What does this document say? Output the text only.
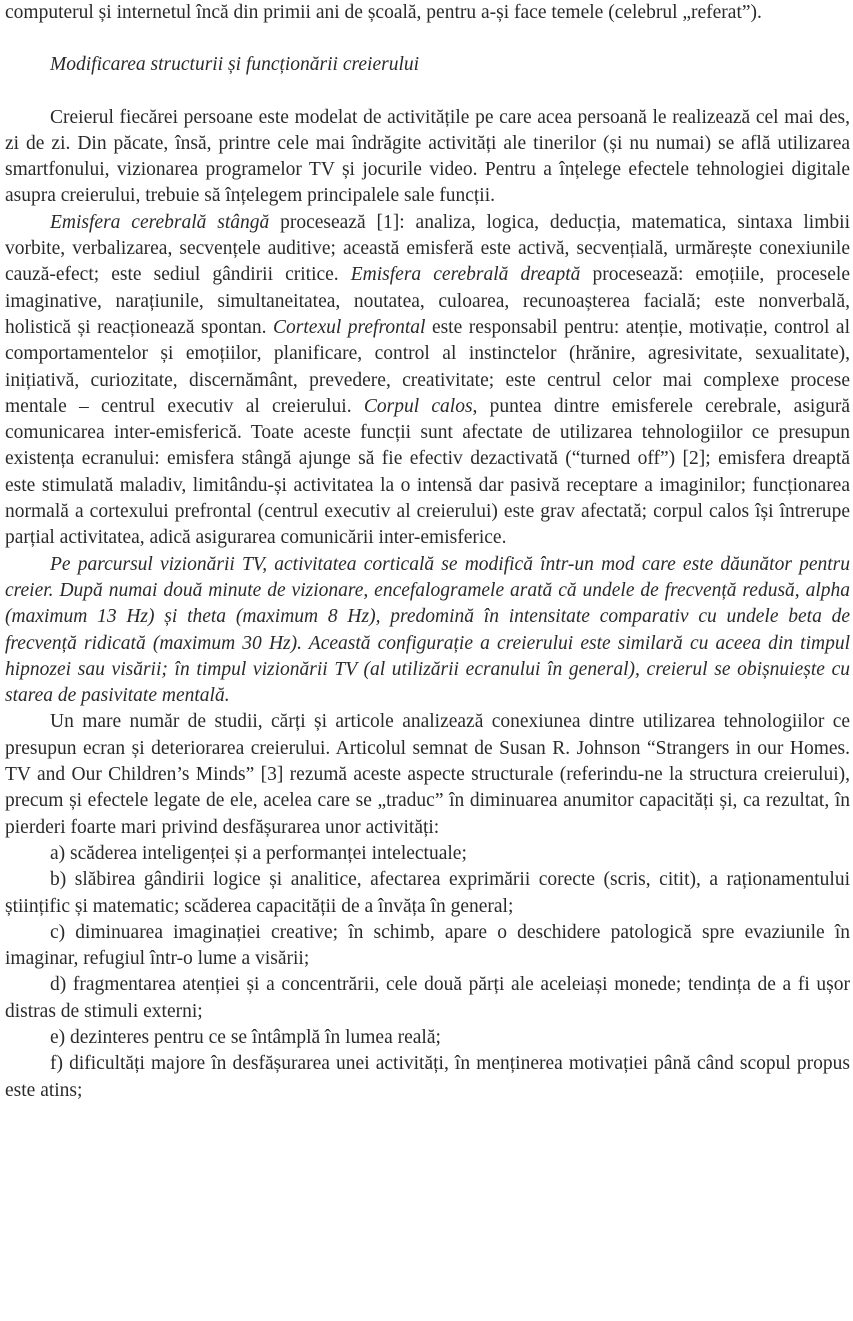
computerul și internetul încă din primii ani de școală, pentru a-și face temele (celebrul „referat”).

Modificarea structurii și funcționării creierului

Creierul fiecărei persoane este modelat de activitățile pe care acea persoană le realizează cel mai des, zi de zi. Din păcate, însă, printre cele mai îndrăgite activități ale tinerilor (și nu numai) se află utilizarea smartfonului, vizionarea programelor TV și jocurile video. Pentru a înțelege efectele tehnologiei digitale asupra creierului, trebuie să înțelegem principalele sale funcții.

Emisfera cerebrală stângă procesează [1]: analiza, logica, deducția, matematica, sintaxa limbii vorbite, verbalizarea, secvențele auditive; această emisferă este activă, secvențială, urmărește conexiunile cauză-efect; este sediul gândirii critice. Emisfera cerebrală dreaptă procesează: emoțiile, procesele imaginative, narațiunile, simultaneitatea, noutatea, culoarea, recunoașterea facială; este nonverbală, holistică și reacționează spontan. Cortexul prefrontal este responsabil pentru: atenție, motivație, control al comportamentelor și emoțiilor, planificare, control al instinctelor (hrănire, agresivitate, sexualitate), inițiativă, curiozitate, discernământ, prevedere, creativitate; este centrul celor mai complexe procese mentale – centrul executiv al creierului. Corpul calos, puntea dintre emisferele cerebrale, asigură comunicarea inter-emisferică. Toate aceste funcții sunt afectate de utilizarea tehnologiilor ce presupun existența ecranului: emisfera stângă ajunge să fie efectiv dezactivată (“turned off”) [2]; emisfera dreaptă este stimulată maladiv, limitându-și activitatea la o intensă dar pasivă receptare a imaginilor; funcționarea normală a cortexului prefrontal (centrul executiv al creierului) este grav afectată; corpul calos își întrerupe parțial activitatea, adică asigurarea comunicării inter-emisferice.

Pe parcursul vizionării TV, activitatea corticală se modifică într-un mod care este dăunător pentru creier. După numai două minute de vizionare, encefalogramele arată că undele de frecvență redusă, alpha (maximum 13 Hz) și theta (maximum 8 Hz), predomină în intensitate comparativ cu undele beta de frecvență ridicată (maximum 30 Hz). Această configurație a creierului este similară cu aceea din timpul hipnozei sau visării; în timpul vizionării TV (al utilizării ecranului în general), creierul se obișnuiește cu starea de pasivitate mentală.

Un mare număr de studii, cărți și articole analizează conexiunea dintre utilizarea tehnologiilor ce presupun ecran și deteriorarea creierului. Articolul semnat de Susan R. Johnson “Strangers in our Homes. TV and Our Children’s Minds” [3] rezumă aceste aspecte structurale (referindu-ne la structura creierului), precum și efectele legate de ele, acelea care se „traduc” în diminuarea anumitor capacități și, ca rezultat, în pierderi foarte mari privind desfășurarea unor activități:

a) scăderea inteligenței și a performanței intelectuale;

b) slăbirea gândirii logice și analitice, afectarea exprimării corecte (scris, citit), a raționamentului științific și matematic; scăderea capacității de a învăța în general;

c) diminuarea imaginației creative; în schimb, apare o deschidere patologică spre evaziunile în imaginar, refugiul într-o lume a visării;

d) fragmentarea atenției și a concentrării, cele două părți ale aceleiași monede; tendința de a fi ușor distras de stimuli externi;

e) dezinteres pentru ce se întâmplă în lumea reală;

f) dificultăți majore în desfășurarea unei activități, în menținerea motivației până când scopul propus este atins;
